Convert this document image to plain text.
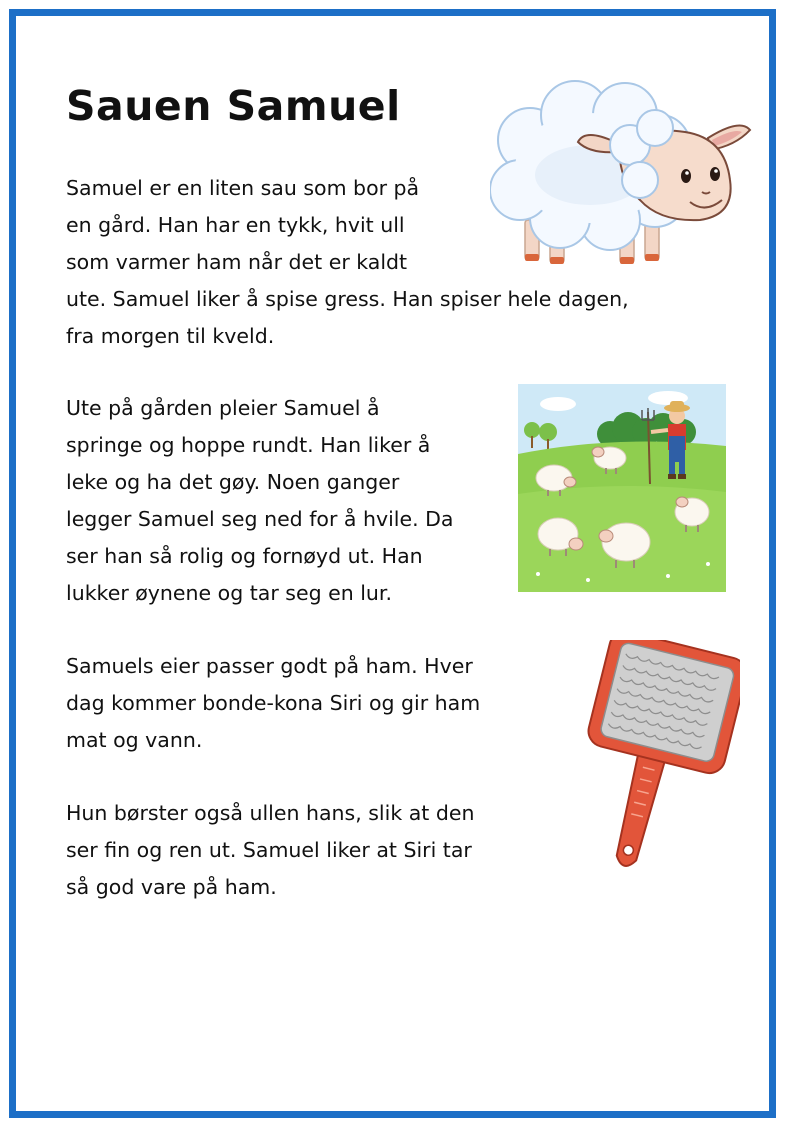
Sauen Samuel

Samuel er en liten sau som bor på
en gård. Han har en tykk, hvit ull
som varmer ham når det er kaldt
ute. Samuel liker å spise gress. Han spiser hele dagen,
fra morgen til kveld.

Ute på gården pleier Samuel å
springe og hoppe rundt. Han liker å
leke og ha det gøy. Noen ganger
legger Samuel seg ned for å hvile. Da
ser han så rolig og fornøyd ut. Han
lukker øynene og tar seg en lur.

Samuels eier passer godt på ham. Hver
dag kommer bonde-kona Siri og gir ham
mat og vann.

Hun børster også ullen hans, slik at den
ser fin og ren ut. Samuel liker at Siri tar
så god vare på ham.
